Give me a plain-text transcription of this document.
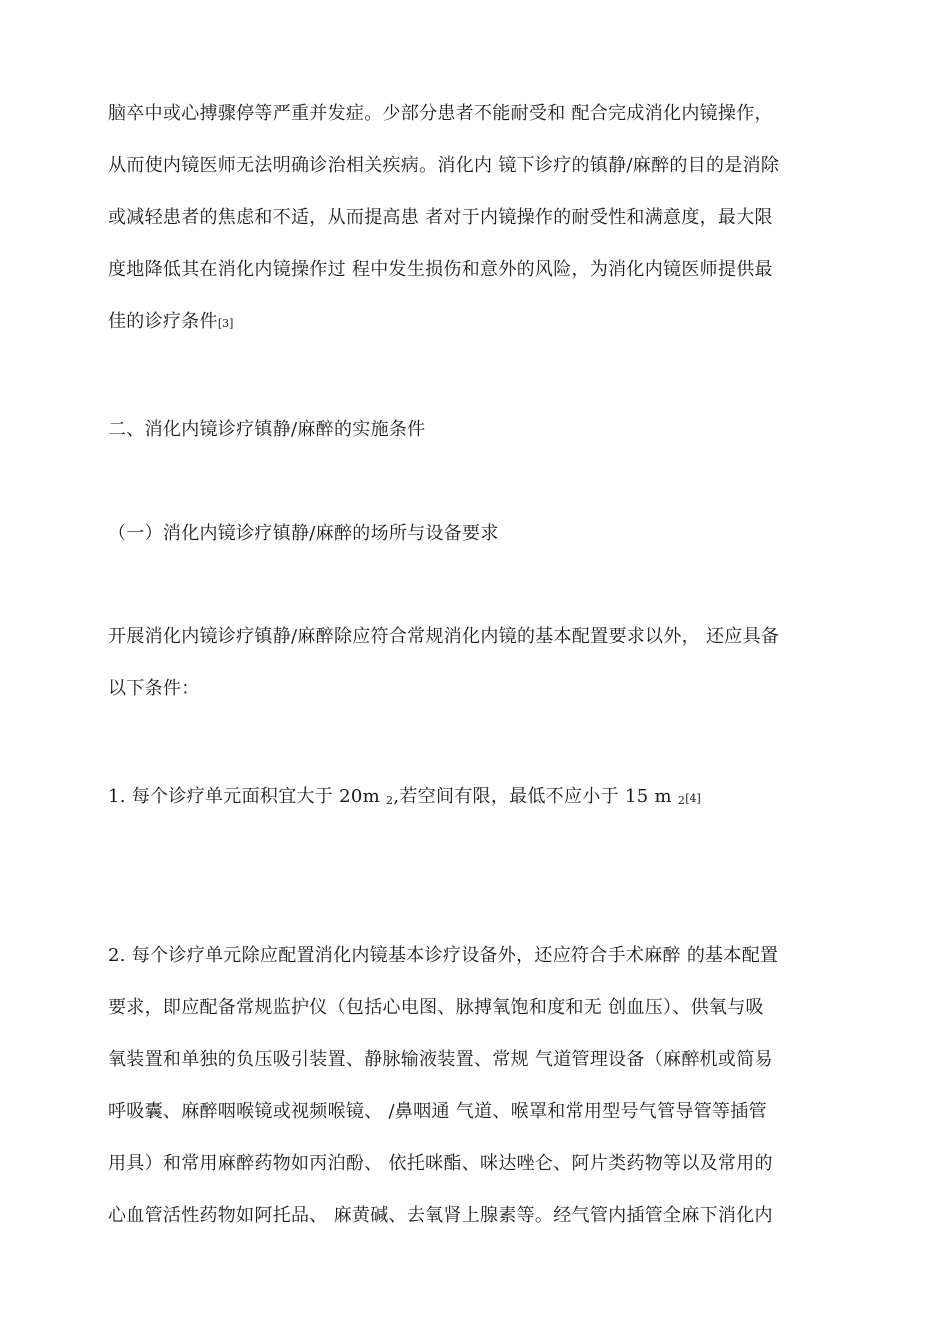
脑卒中或心搏骤停等严重并发症。少部分患者不能耐受和 配合完成消化内镜操作，
从而使内镜医师无法明确诊治相关疾病。消化内 镜下诊疗的镇静/麻醉的目的是消除
或减轻患者的焦虑和不适，从而提高患 者对于内镜操作的耐受性和满意度，最大限
度地降低其在消化内镜操作过 程中发生损伤和意外的风险，为消化内镜医师提供最
佳的诊疗条件[3]
二、消化内镜诊疗镇静/麻醉的实施条件
（一）消化内镜诊疗镇静/麻醉的场所与设备要求
开展消化内镜诊疗镇静/麻醉除应符合常规消化内镜的基本配置要求以外， 还应具备
以下条件：
1. 每个诊疗单元面积宜大于 20m 2,若空间有限，最低不应小于 15 m 2[4]
2. 每个诊疗单元除应配置消化内镜基本诊疗设备外，还应符合手术麻醉 的基本配置
要求，即应配备常规监护仪（包括心电图、脉搏氧饱和度和无 创血压）、供氧与吸
氧装置和单独的负压吸引装置、静脉输液装置、常规 气道管理设备（麻醉机或简易
呼吸囊、麻醉咽喉镜或视频喉镜、 /鼻咽通 气道、喉罩和常用型号气管导管等插管
用具）和常用麻醉药物如丙泊酚、 依托咪酯、咪达唑仑、阿片类药物等以及常用的
心血管活性药物如阿托品、 麻黄碱、去氧肾上腺素等。经气管内插管全麻下消化内
